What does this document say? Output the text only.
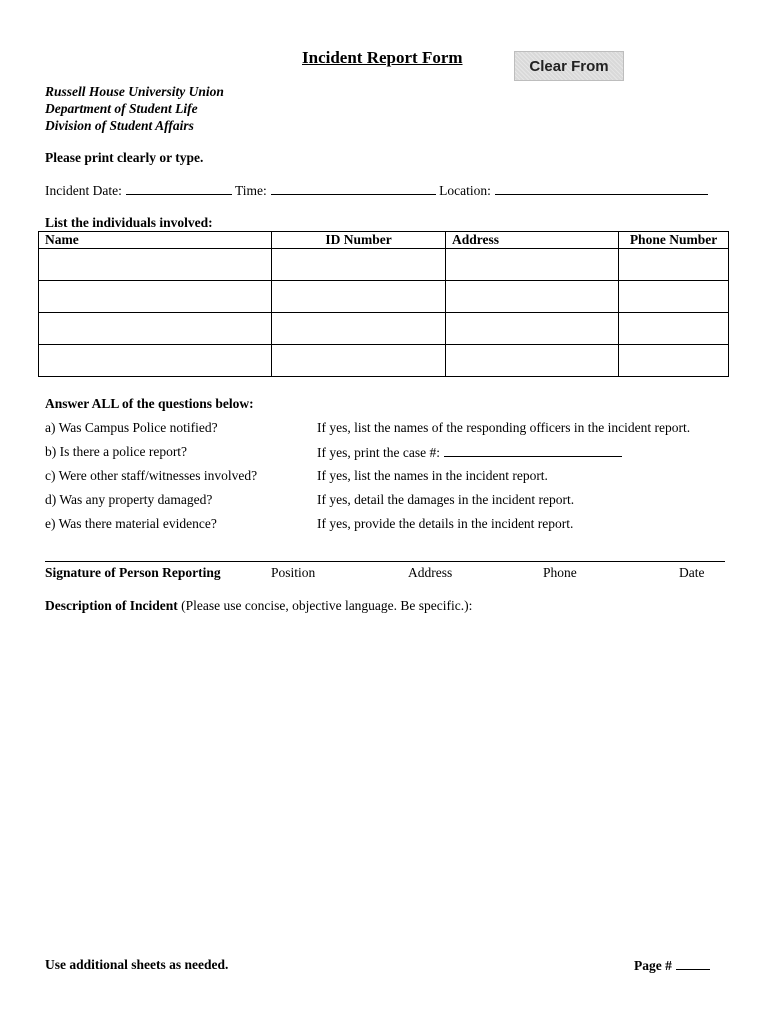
Incident Report Form	Clear From
Russell House University Union
Department of Student Life
Division of Student Affairs
Please print clearly or type.
Incident Date:	Time:	Location:
List the individuals involved:
Name	ID Number	Address	Phone Number

Answer ALL of the questions below:
a) Was Campus Police notified?	If yes, list the names of the responding officers in the incident report.
b) Is there a police report?	If yes, print the case #:
c) Were other staff/witnesses involved?	If yes, list the names in the incident report.
d) Was any property damaged?	If yes, detail the damages in the incident report.
e) Was there material evidence?	If yes, provide the details in the incident report.
Signature of Person Reporting	Position	Address	Phone	Date
Description of Incident (Please use concise, objective language. Be specific.):
Use additional sheets as needed.	Page #
